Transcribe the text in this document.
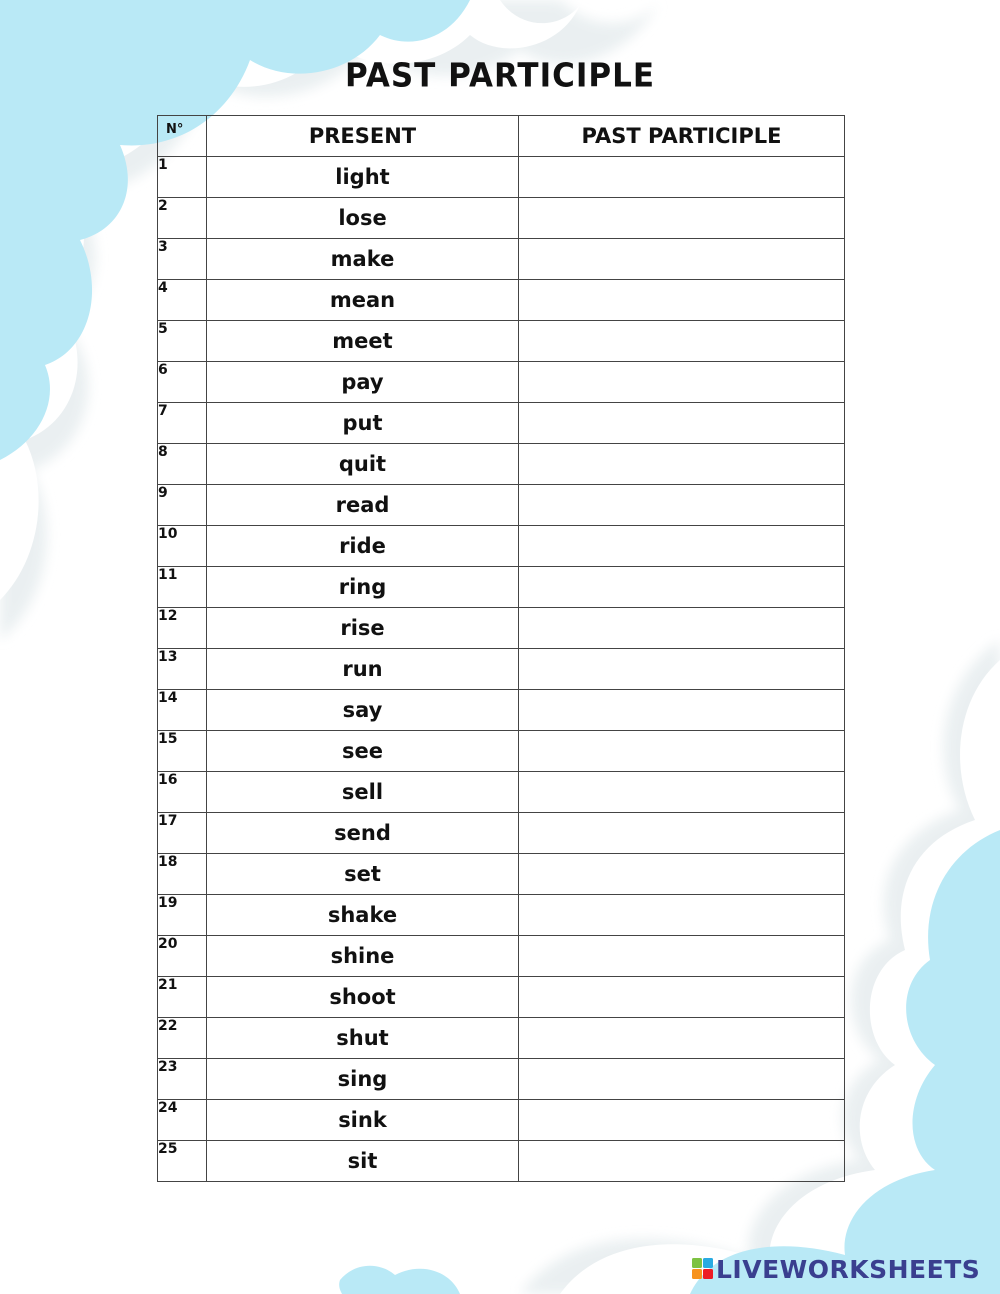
PAST PARTICIPLE
N°	PRESENT	PAST PARTICIPLE
1	light	
2	lose	
3	make	
4	mean	
5	meet	
6	pay	
7	put	
8	quit	
9	read	
10	ride	
11	ring	
12	rise	
13	run	
14	say	
15	see	
16	sell	
17	send	
18	set	
19	shake	
20	shine	
21	shoot	
22	shut	
23	sing	
24	sink	
25	sit	
LIVEWORKSHEETS
